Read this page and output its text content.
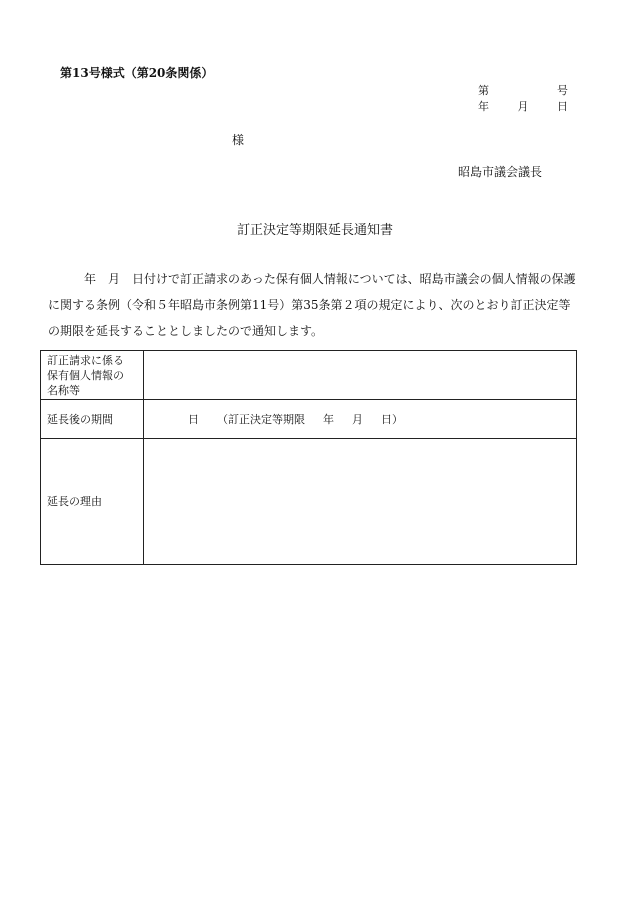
第13号様式（第20条関係）
第	号
年	月	日
様
昭島市議会議長
訂正決定等期限延長通知書
　　　年　月　日付けで訂正請求のあった保有個人情報については、昭島市議会の個人情報の保護
に関する条例（令和５年昭島市条例第11号）第35条第２項の規定により、次のとおり訂正決定等
の期限を延長することとしましたので通知します。
訂正請求に係る
保有個人情報の
名称等	

延長後の期間	日 （訂正決定等期限 年 月 日）
延長の理由	
